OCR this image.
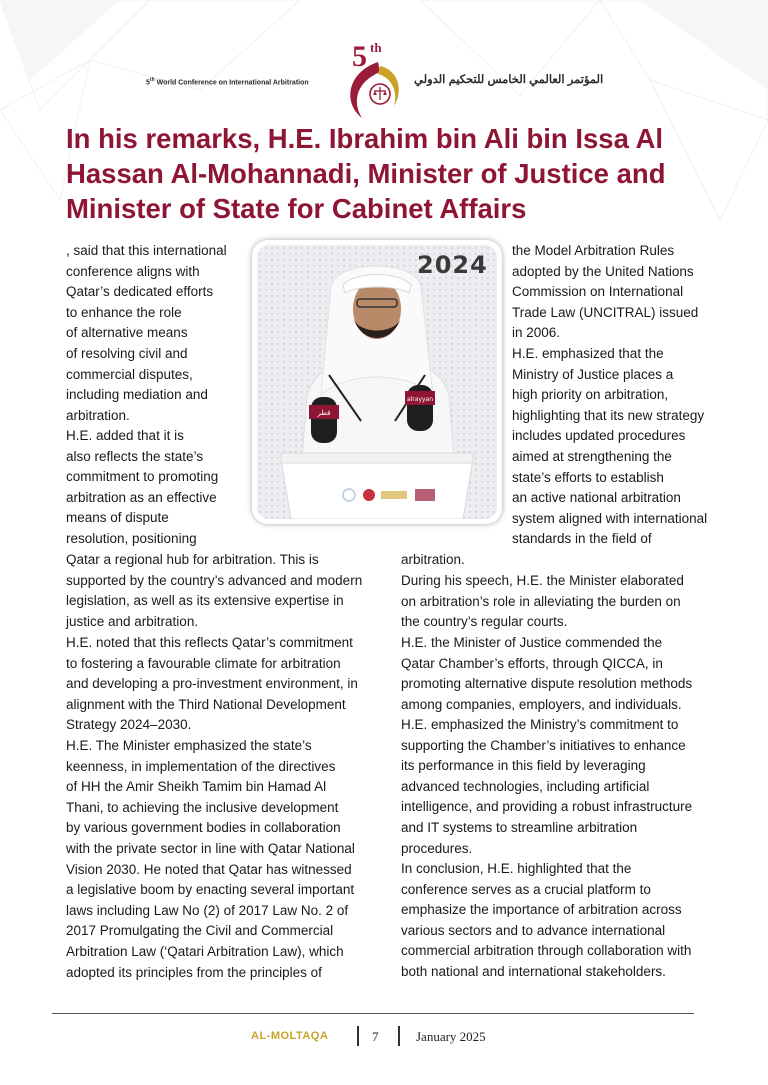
5th World Conference on International Arbitration
5 th
المؤتمر العالمي الخامس للتحكيم الدولي
In his remarks, H.E. Ibrahim bin Ali bin Issa Al Hassan Al-Mohannadi, Minister of Justice and Minister of State for Cabinet Affairs
قطر
alrayyan
2024

, said that this international
conference aligns with
Qatar’s dedicated efforts
to enhance the role
of alternative means
of resolving civil and
commercial disputes,
including mediation and
arbitration.

H.E. added that it is
also reflects the state’s
commitment to promoting
arbitration as an effective
means of dispute
resolution, positioning

Qatar a regional hub for arbitration. This is
supported by the country’s advanced and modern
legislation, as well as its extensive expertise in
justice and arbitration.

H.E. noted that this reflects Qatar’s commitment
to fostering a favourable climate for arbitration
and developing a pro-investment environment, in
alignment with the Third National Development
Strategy 2024–2030.

H.E. The Minister emphasized the state’s
keenness, in implementation of the directives
of HH the Amir Sheikh Tamim bin Hamad Al
Thani, to achieving the inclusive development
by various government bodies in collaboration
with the private sector in line with Qatar National
Vision 2030. He noted that Qatar has witnessed
a legislative boom by enacting several important
laws including Law No (2) of 2017 Law No. 2 of
2017 Promulgating the Civil and Commercial
Arbitration Law (‘Qatari Arbitration Law), which
adopted its principles from the principles of

the Model Arbitration Rules
adopted by the United Nations
Commission on International
Trade Law (UNCITRAL) issued
in 2006.

H.E. emphasized that the
Ministry of Justice places a
high priority on arbitration,
highlighting that its new strategy
includes updated procedures
aimed at strengthening the
state’s efforts to establish
an active national arbitration
system aligned with international
standards in the field of

arbitration.

During his speech, H.E. the Minister elaborated
on arbitration’s role in alleviating the burden on
the country’s regular courts.

H.E. the Minister of Justice commended the
Qatar Chamber’s efforts, through QICCA, in
promoting alternative dispute resolution methods
among companies, employers, and individuals.

H.E. emphasized the Ministry’s commitment to
supporting the Chamber’s initiatives to enhance
its performance in this field by leveraging
advanced technologies, including artificial
intelligence, and providing a robust infrastructure
and IT systems to streamline arbitration
procedures.

In conclusion, H.E. highlighted that the
conference serves as a crucial platform to
emphasize the importance of arbitration across
various sectors and to advance international
commercial arbitration through collaboration with
both national and international stakeholders.

AL-MOLTAQA	7	January 2025
